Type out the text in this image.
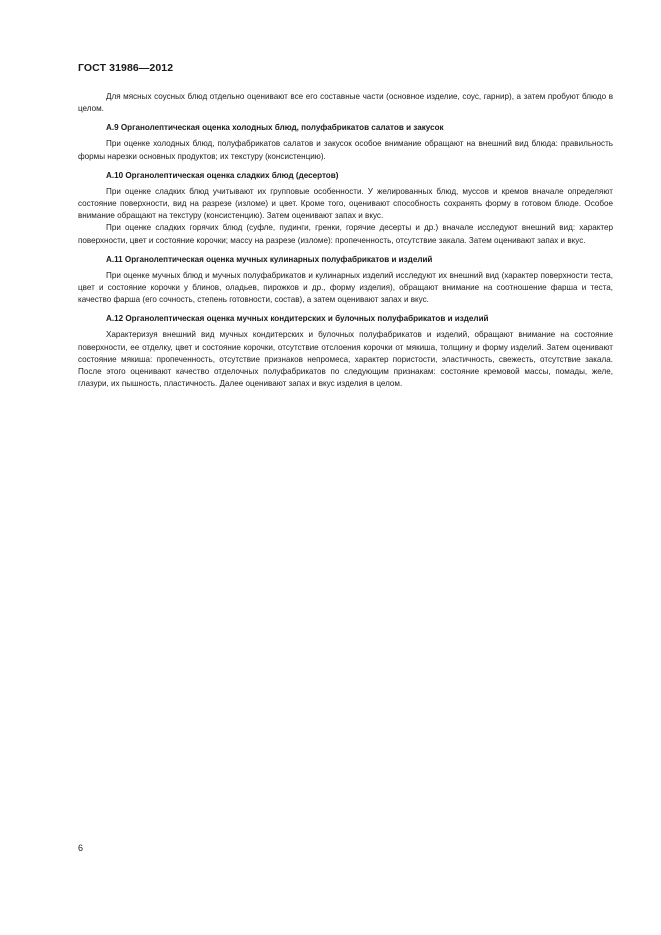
ГОСТ 31986—2012

Для мясных соусных блюд отдельно оценивают все его составные части (основное изделие, соус, гарнир), а затем пробуют блюдо в целом.

А.9 Органолептическая оценка холодных блюд, полуфабрикатов салатов и закусок

При оценке холодных блюд, полуфабрикатов салатов и закусок особое внимание обращают на внешний вид блюда: правильность формы нарезки основных продуктов; их текстуру (консистенцию).

А.10 Органолептическая оценка сладких блюд (десертов)

При оценке сладких блюд учитывают их групповые особенности. У желированных блюд, муссов и кремов вначале определяют состояние поверхности, вид на разрезе (изломе) и цвет. Кроме того, оценивают способность сохранять форму в готовом блюде. Особое внимание обращают на текстуру (консистенцию). Затем оценивают запах и вкус.

При оценке сладких горячих блюд (суфле, пудинги, гренки, горячие десерты и др.) вначале исследуют внешний вид: характер поверхности, цвет и состояние корочки; массу на разрезе (изломе): пропеченность, отсутствие закала. Затем оценивают запах и вкус.

А.11 Органолептическая оценка мучных кулинарных полуфабрикатов и изделий

При оценке мучных блюд и мучных полуфабрикатов и кулинарных изделий исследуют их внешний вид (характер поверхности теста, цвет и состояние корочки у блинов, оладьев, пирожков и др., форму изделия), обращают внимание на соотношение фарша и теста, качество фарша (его сочность, степень готовности, состав), а затем оценивают запах и вкус.

А.12 Органолептическая оценка мучных кондитерских и булочных полуфабрикатов и изделий

Характеризуя внешний вид мучных кондитерских и булочных полуфабрикатов и изделий, обращают внимание на состояние поверхности, ее отделку, цвет и состояние корочки, отсутствие отслоения корочки от мякиша, толщину и форму изделий. Затем оценивают состояние мякиша: пропеченность, отсутствие признаков непромеса, характер пористости, эластичность, свежесть, отсутствие закала. После этого оценивают качество отделочных полуфабрикатов по следующим признакам: состояние кремовой массы, помады, желе, глазури, их пышность, пластичность. Далее оценивают запах и вкус изделия в целом.

6
